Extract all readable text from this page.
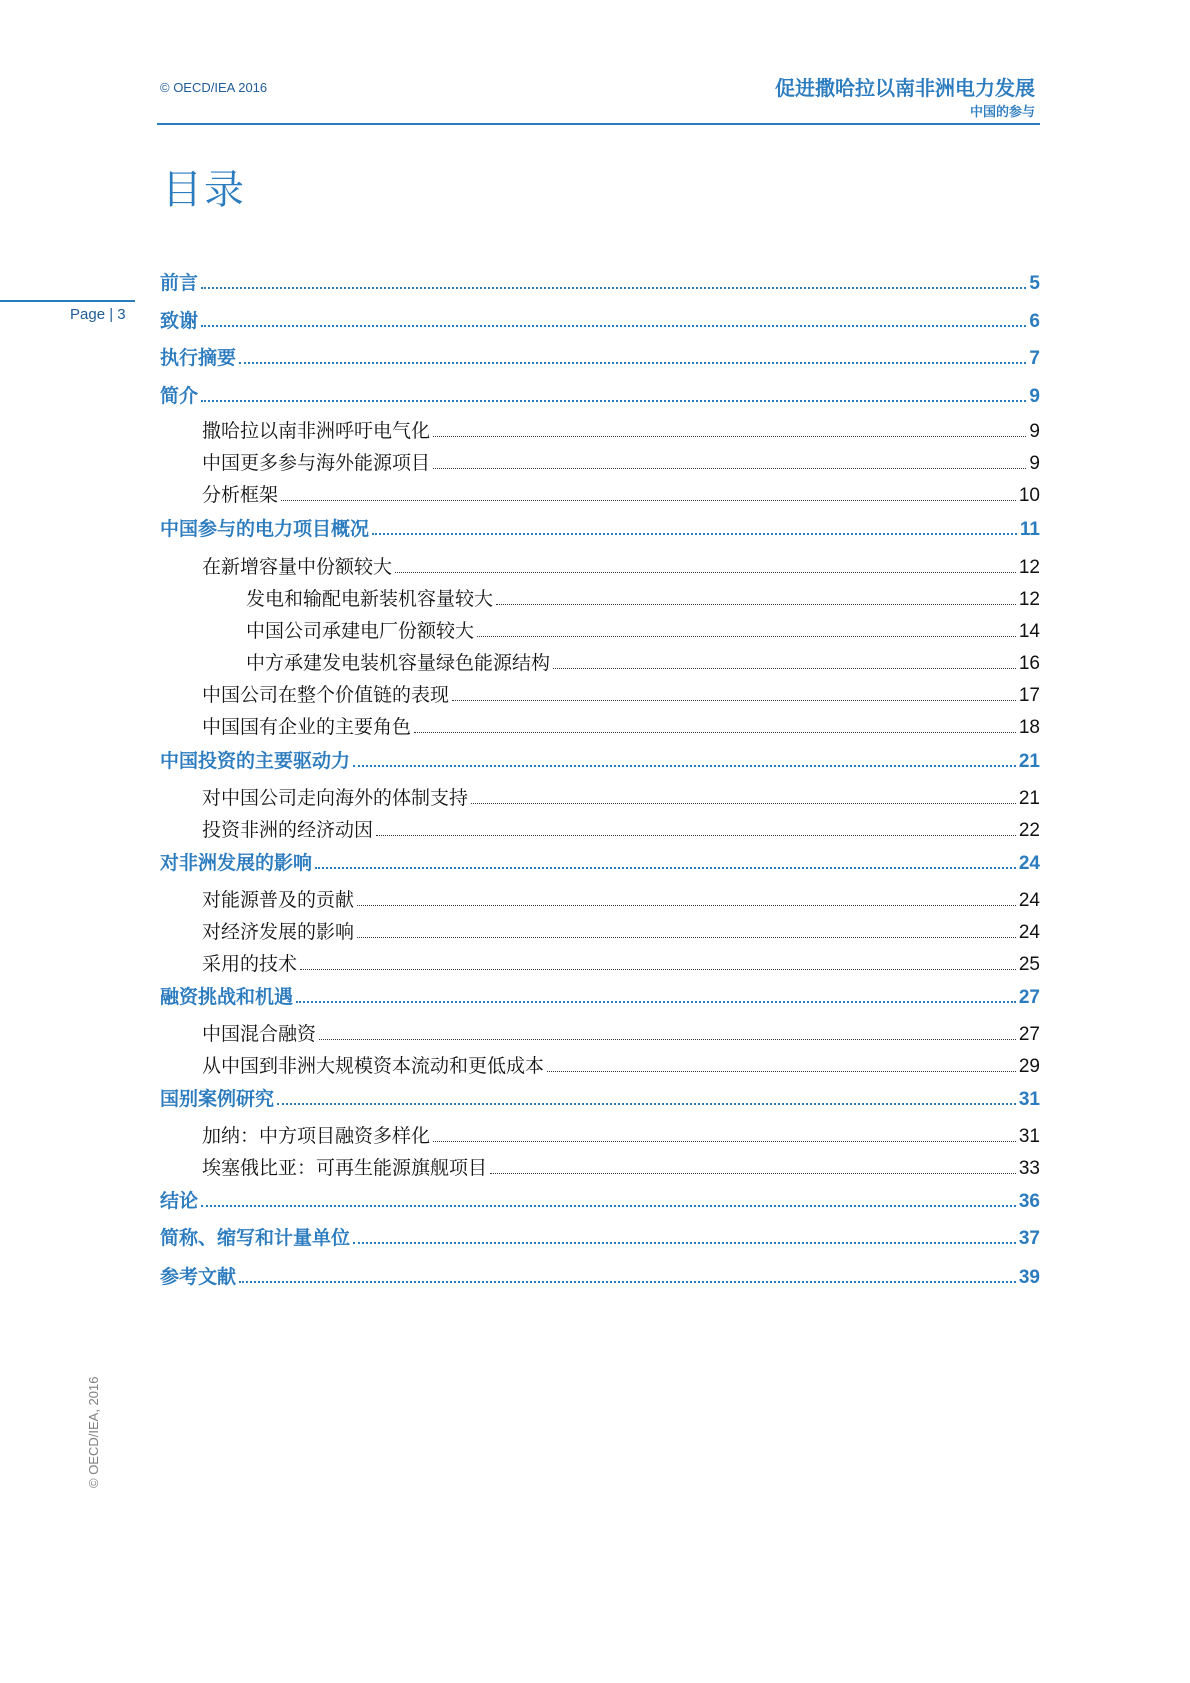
© OECD/IEA 2016	促进撒哈拉以南非洲电力发展
中国的参与
目录
Page | 3
© OECD/IEA, 2016
前言	5
致谢	6
执行摘要	7
简介	9
撒哈拉以南非洲呼吁电气化	9
中国更多参与海外能源项目	9
分析框架	10
中国参与的电力项目概况	11
在新增容量中份额较大	12
发电和输配电新装机容量较大	12
中国公司承建电厂份额较大	14
中方承建发电装机容量绿色能源结构	16
中国公司在整个价值链的表现	17
中国国有企业的主要角色	18
中国投资的主要驱动力	21
对中国公司走向海外的体制支持	21
投资非洲的经济动因	22
对非洲发展的影响	24
对能源普及的贡献	24
对经济发展的影响	24
采用的技术	25
融资挑战和机遇	27
中国混合融资	27
从中国到非洲大规模资本流动和更低成本	29
国别案例研究	31
加纳：中方项目融资多样化	31
埃塞俄比亚：可再生能源旗舰项目	33
结论	36
简称、缩写和计量单位	37
参考文献	39
